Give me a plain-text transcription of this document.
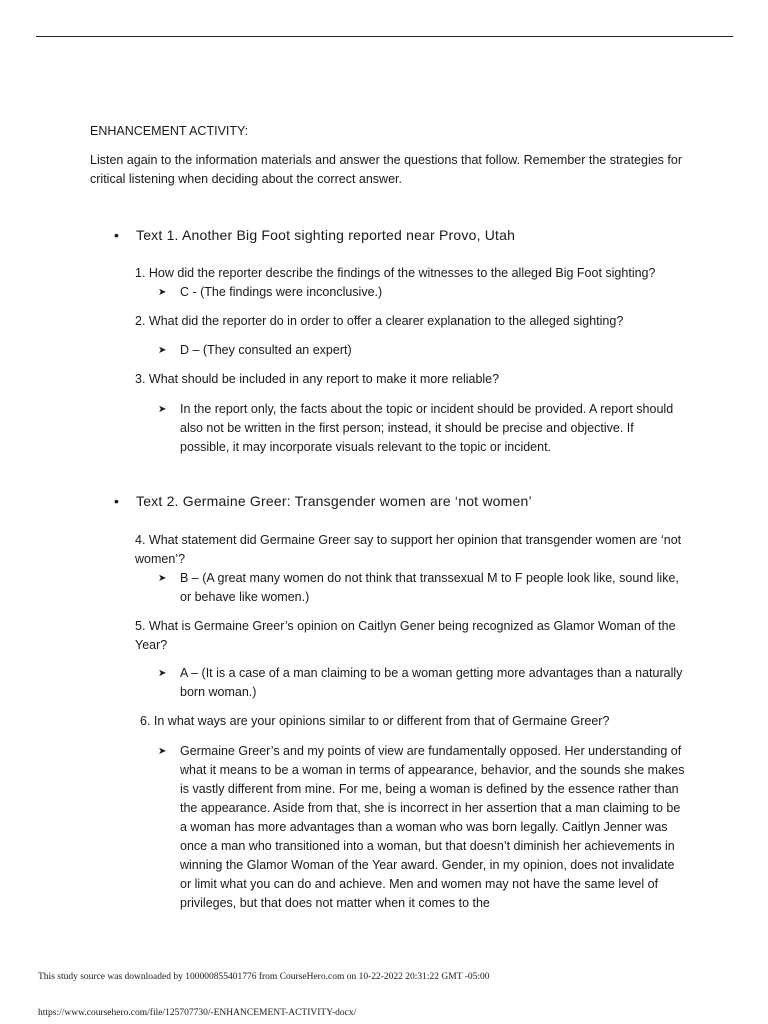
ENHANCEMENT ACTIVITY:
Listen again to the information materials and answer the questions that follow. Remember the strategies for critical listening when deciding about the correct answer.
• Text 1. Another Big Foot sighting reported near Provo, Utah
1. How did the reporter describe the findings of the witnesses to the alleged Big Foot sighting?
➤ C - (The findings were inconclusive.)
2. What did the reporter do in order to offer a clearer explanation to the alleged sighting?
➤ D – (They consulted an expert)
3. What should be included in any report to make it more reliable?
➤ In the report only, the facts about the topic or incident should be provided. A report should also not be written in the first person; instead, it should be precise and objective. If possible, it may incorporate visuals relevant to the topic or incident.
• Text 2. Germaine Greer: Transgender women are ‘not women’
4. What statement did Germaine Greer say to support her opinion that transgender women are ‘not women’?
➤ B – (A great many women do not think that transsexual M to F people look like, sound like, or behave like women.)
5. What is Germaine Greer’s opinion on Caitlyn Gener being recognized as Glamor Woman of the Year?
➤ A – (It is a case of a man claiming to be a woman getting more advantages than a naturally born woman.)
6. In what ways are your opinions similar to or different from that of Germaine Greer?
➤ Germaine Greer’s and my points of view are fundamentally opposed. Her understanding of what it means to be a woman in terms of appearance, behavior, and the sounds she makes is vastly different from mine. For me, being a woman is defined by the essence rather than the appearance. Aside from that, she is incorrect in her assertion that a man claiming to be a woman has more advantages than a woman who was born legally. Caitlyn Jenner was once a man who transitioned into a woman, but that doesn’t diminish her achievements in winning the Glamor Woman of the Year award. Gender, in my opinion, does not invalidate or limit what you can do and achieve. Men and women may not have the same level of privileges, but that does not matter when it comes to the
This study source was downloaded by 100000855401776 from CourseHero.com on 10-22-2022 20:31:22 GMT -05:00
https://www.coursehero.com/file/125707730/-ENHANCEMENT-ACTIVITY-docx/
